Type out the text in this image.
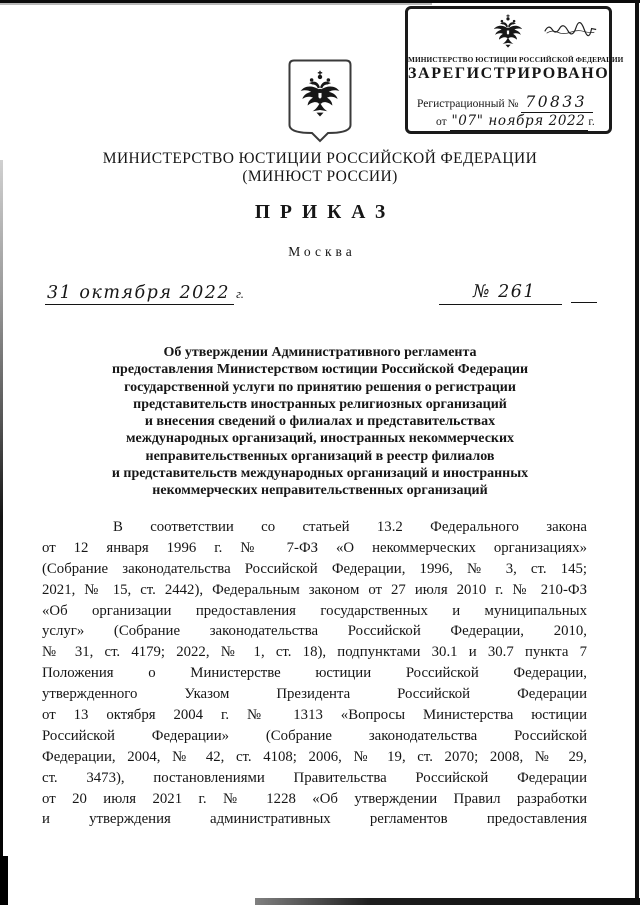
МИНИСТЕРСТВО ЮСТИЦИИ РОССИЙСКОЙ ФЕДЕРАЦИИ
ЗАРЕГИСТРИРОВАНО
Регистрационный № 70833
от "07" ноября 2022 г.
МИНИСТЕРСТВО ЮСТИЦИИ РОССИЙСКОЙ ФЕДЕРАЦИИ
(МИНЮСТ РОССИИ)
ПРИКАЗ
Москва
31 октября 2022 г.	№ 261
Об утверждении Административного регламента
предоставления Министерством юстиции Российской Федерации
государственной услуги по принятию решения о регистрации
представительств иностранных религиозных организаций
и внесения сведений о филиалах и представительствах
международных организаций, иностранных некоммерческих
неправительственных организаций в реестр филиалов
и представительств международных организаций и иностранных
некоммерческих неправительственных организаций
В соответствии со статьей 13.2 Федерального закона
от 12 января 1996 г. № 7-ФЗ «О некоммерческих организациях»
(Собрание законодательства Российской Федерации, 1996, № 3, ст. 145;
2021, № 15, ст. 2442), Федеральным законом от 27 июля 2010 г. № 210-ФЗ
«Об организации предоставления государственных и муниципальных
услуг» (Собрание законодательства Российской Федерации, 2010,
№ 31, ст. 4179; 2022, № 1, ст. 18), подпунктами 30.1 и 30.7 пункта 7
Положения о Министерстве юстиции Российской Федерации,
утвержденного Указом Президента Российской Федерации
от 13 октября 2004 г. № 1313 «Вопросы Министерства юстиции
Российской Федерации» (Собрание законодательства Российской
Федерации, 2004, № 42, ст. 4108; 2006, № 19, ст. 2070; 2008, № 29,
ст. 3473), постановлениями Правительства Российской Федерации
от 20 июля 2021 г. № 1228 «Об утверждении Правил разработки
и утверждения административных регламентов предоставления
